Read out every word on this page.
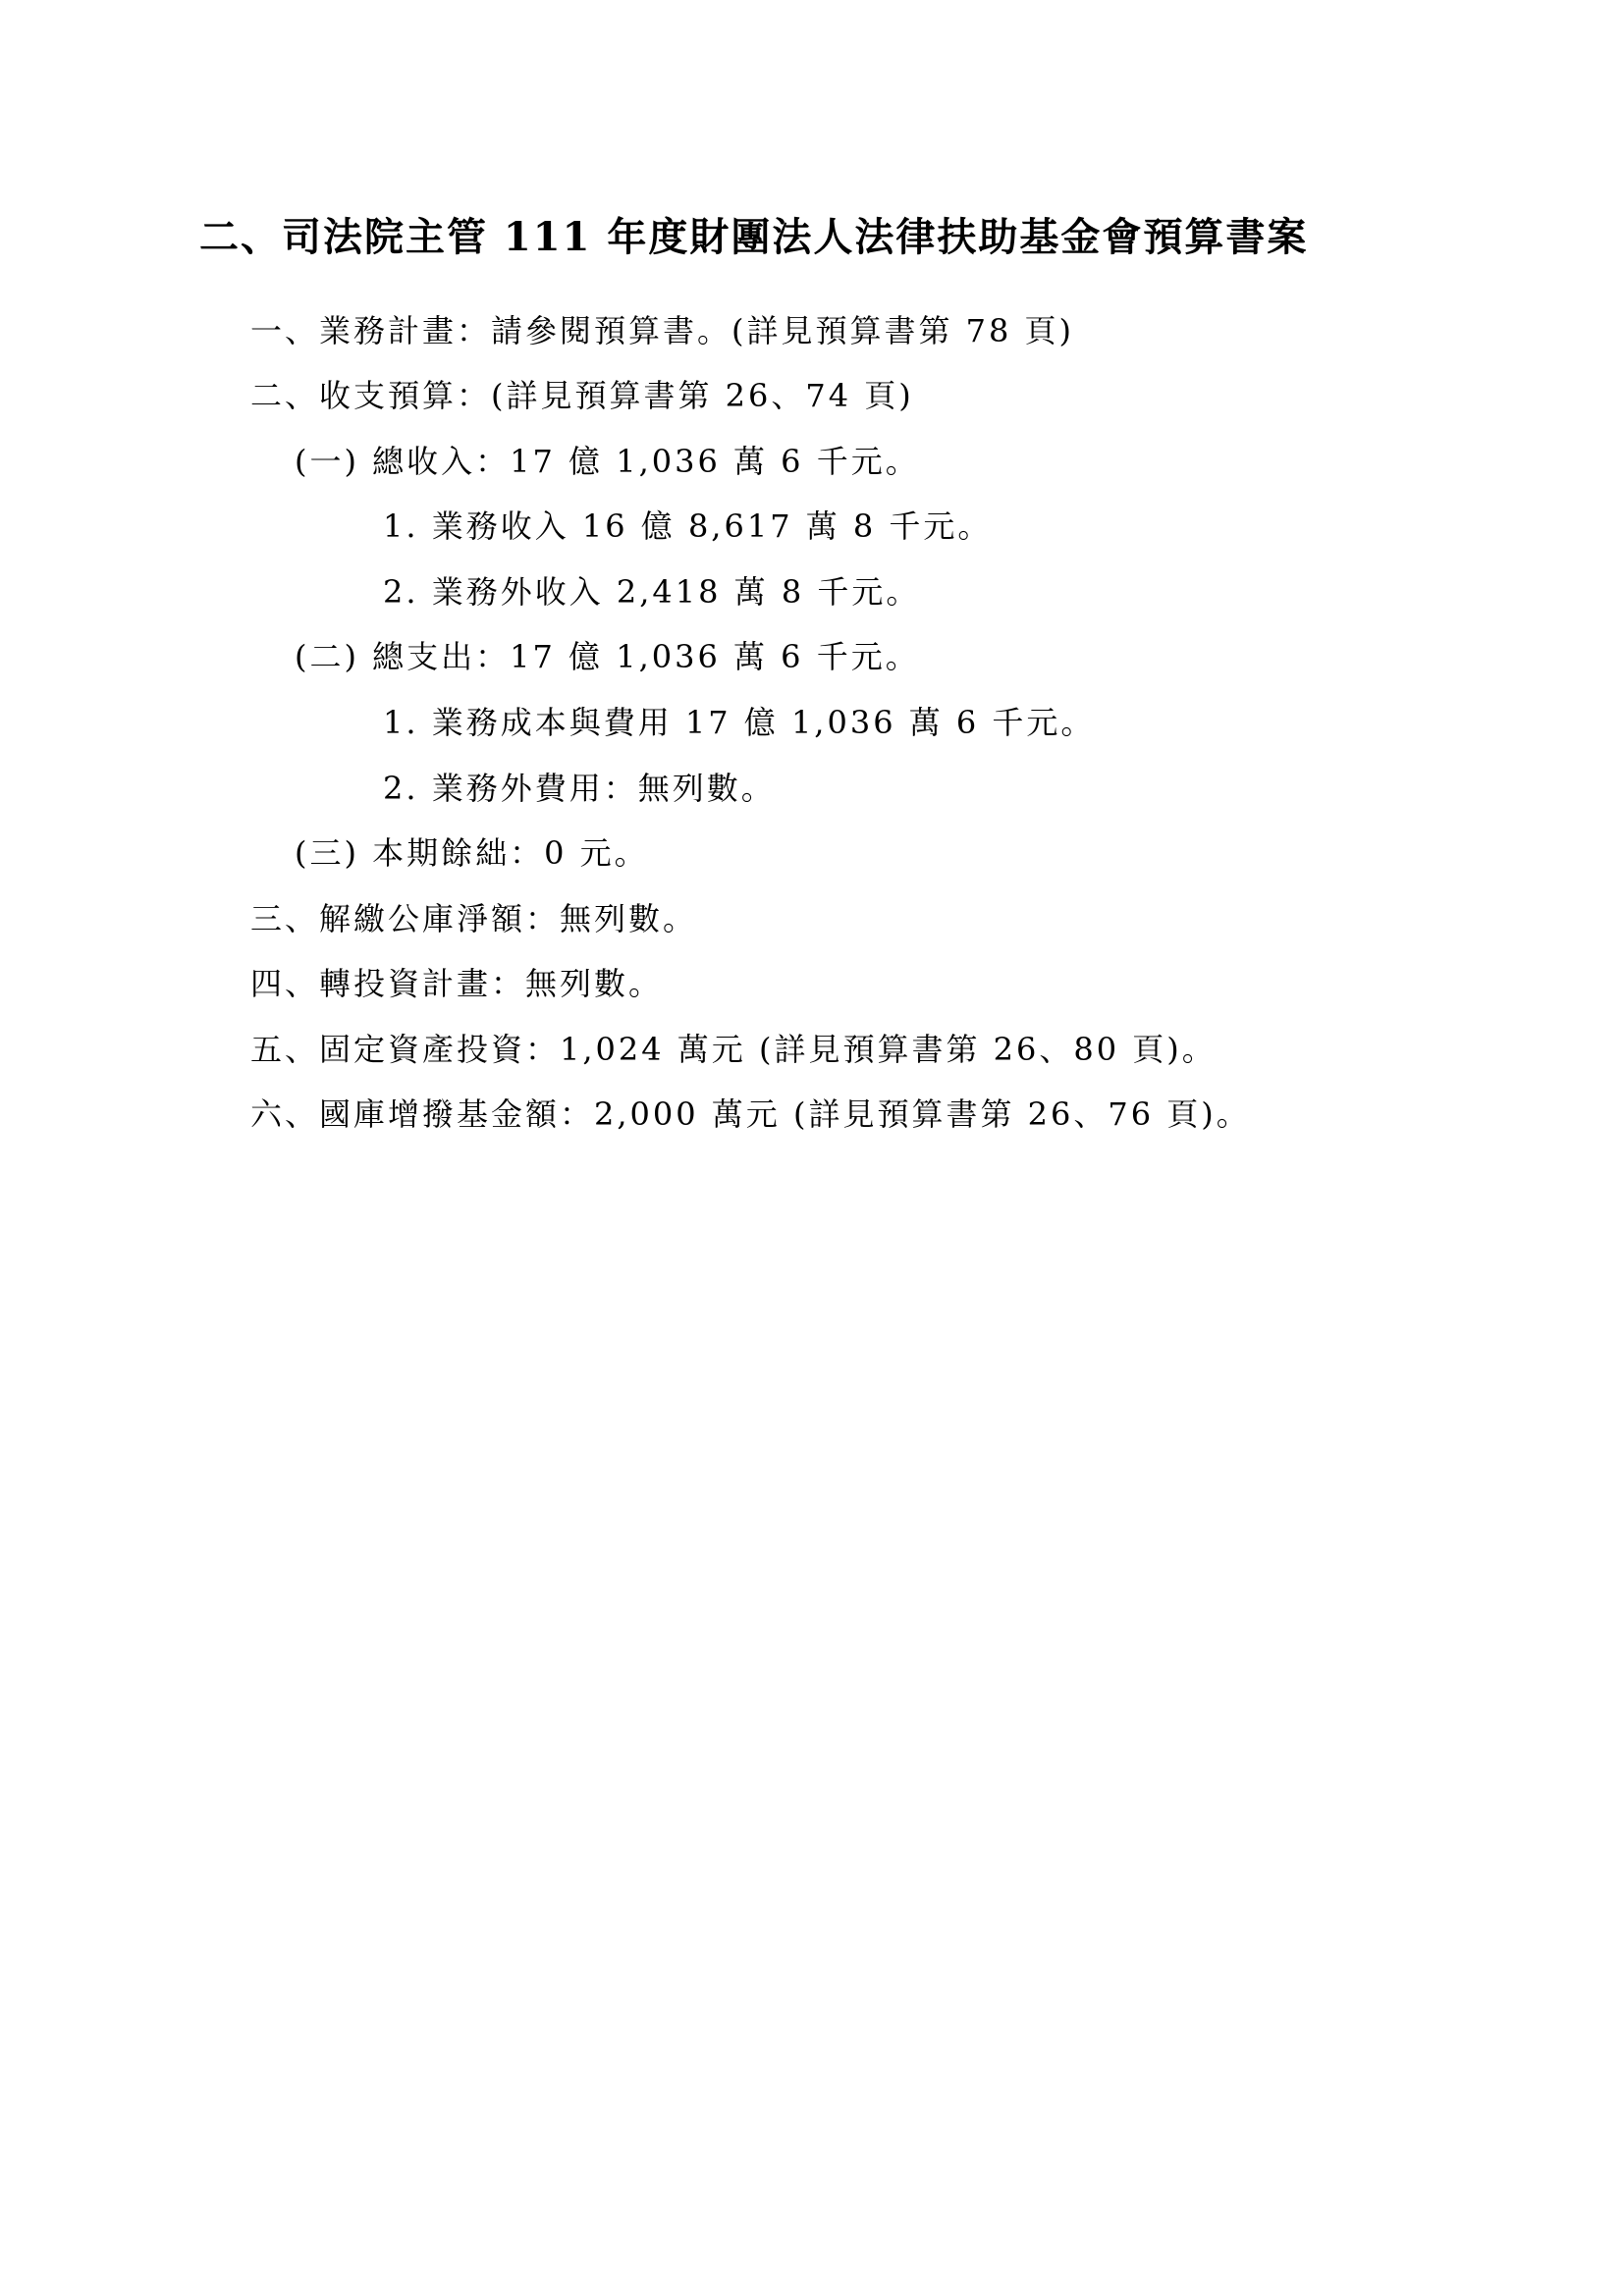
二、司法院主管 111 年度財團法人法律扶助基金會預算書案
一、業務計畫：請參閱預算書。(詳見預算書第 78 頁)
二、收支預算：(詳見預算書第 26、74 頁)
(一) 總收入：17 億 1,036 萬 6 千元。
1. 業務收入 16 億 8,617 萬 8 千元。
2. 業務外收入 2,418 萬 8 千元。
(二) 總支出：17 億 1,036 萬 6 千元。
1. 業務成本與費用 17 億 1,036 萬 6 千元。
2. 業務外費用：無列數。
(三) 本期餘絀：0 元。
三、解繳公庫淨額：無列數。
四、轉投資計畫：無列數。
五、固定資產投資：1,024 萬元 (詳見預算書第 26、80 頁)。
六、國庫增撥基金額：2,000 萬元 (詳見預算書第 26、76 頁)。
